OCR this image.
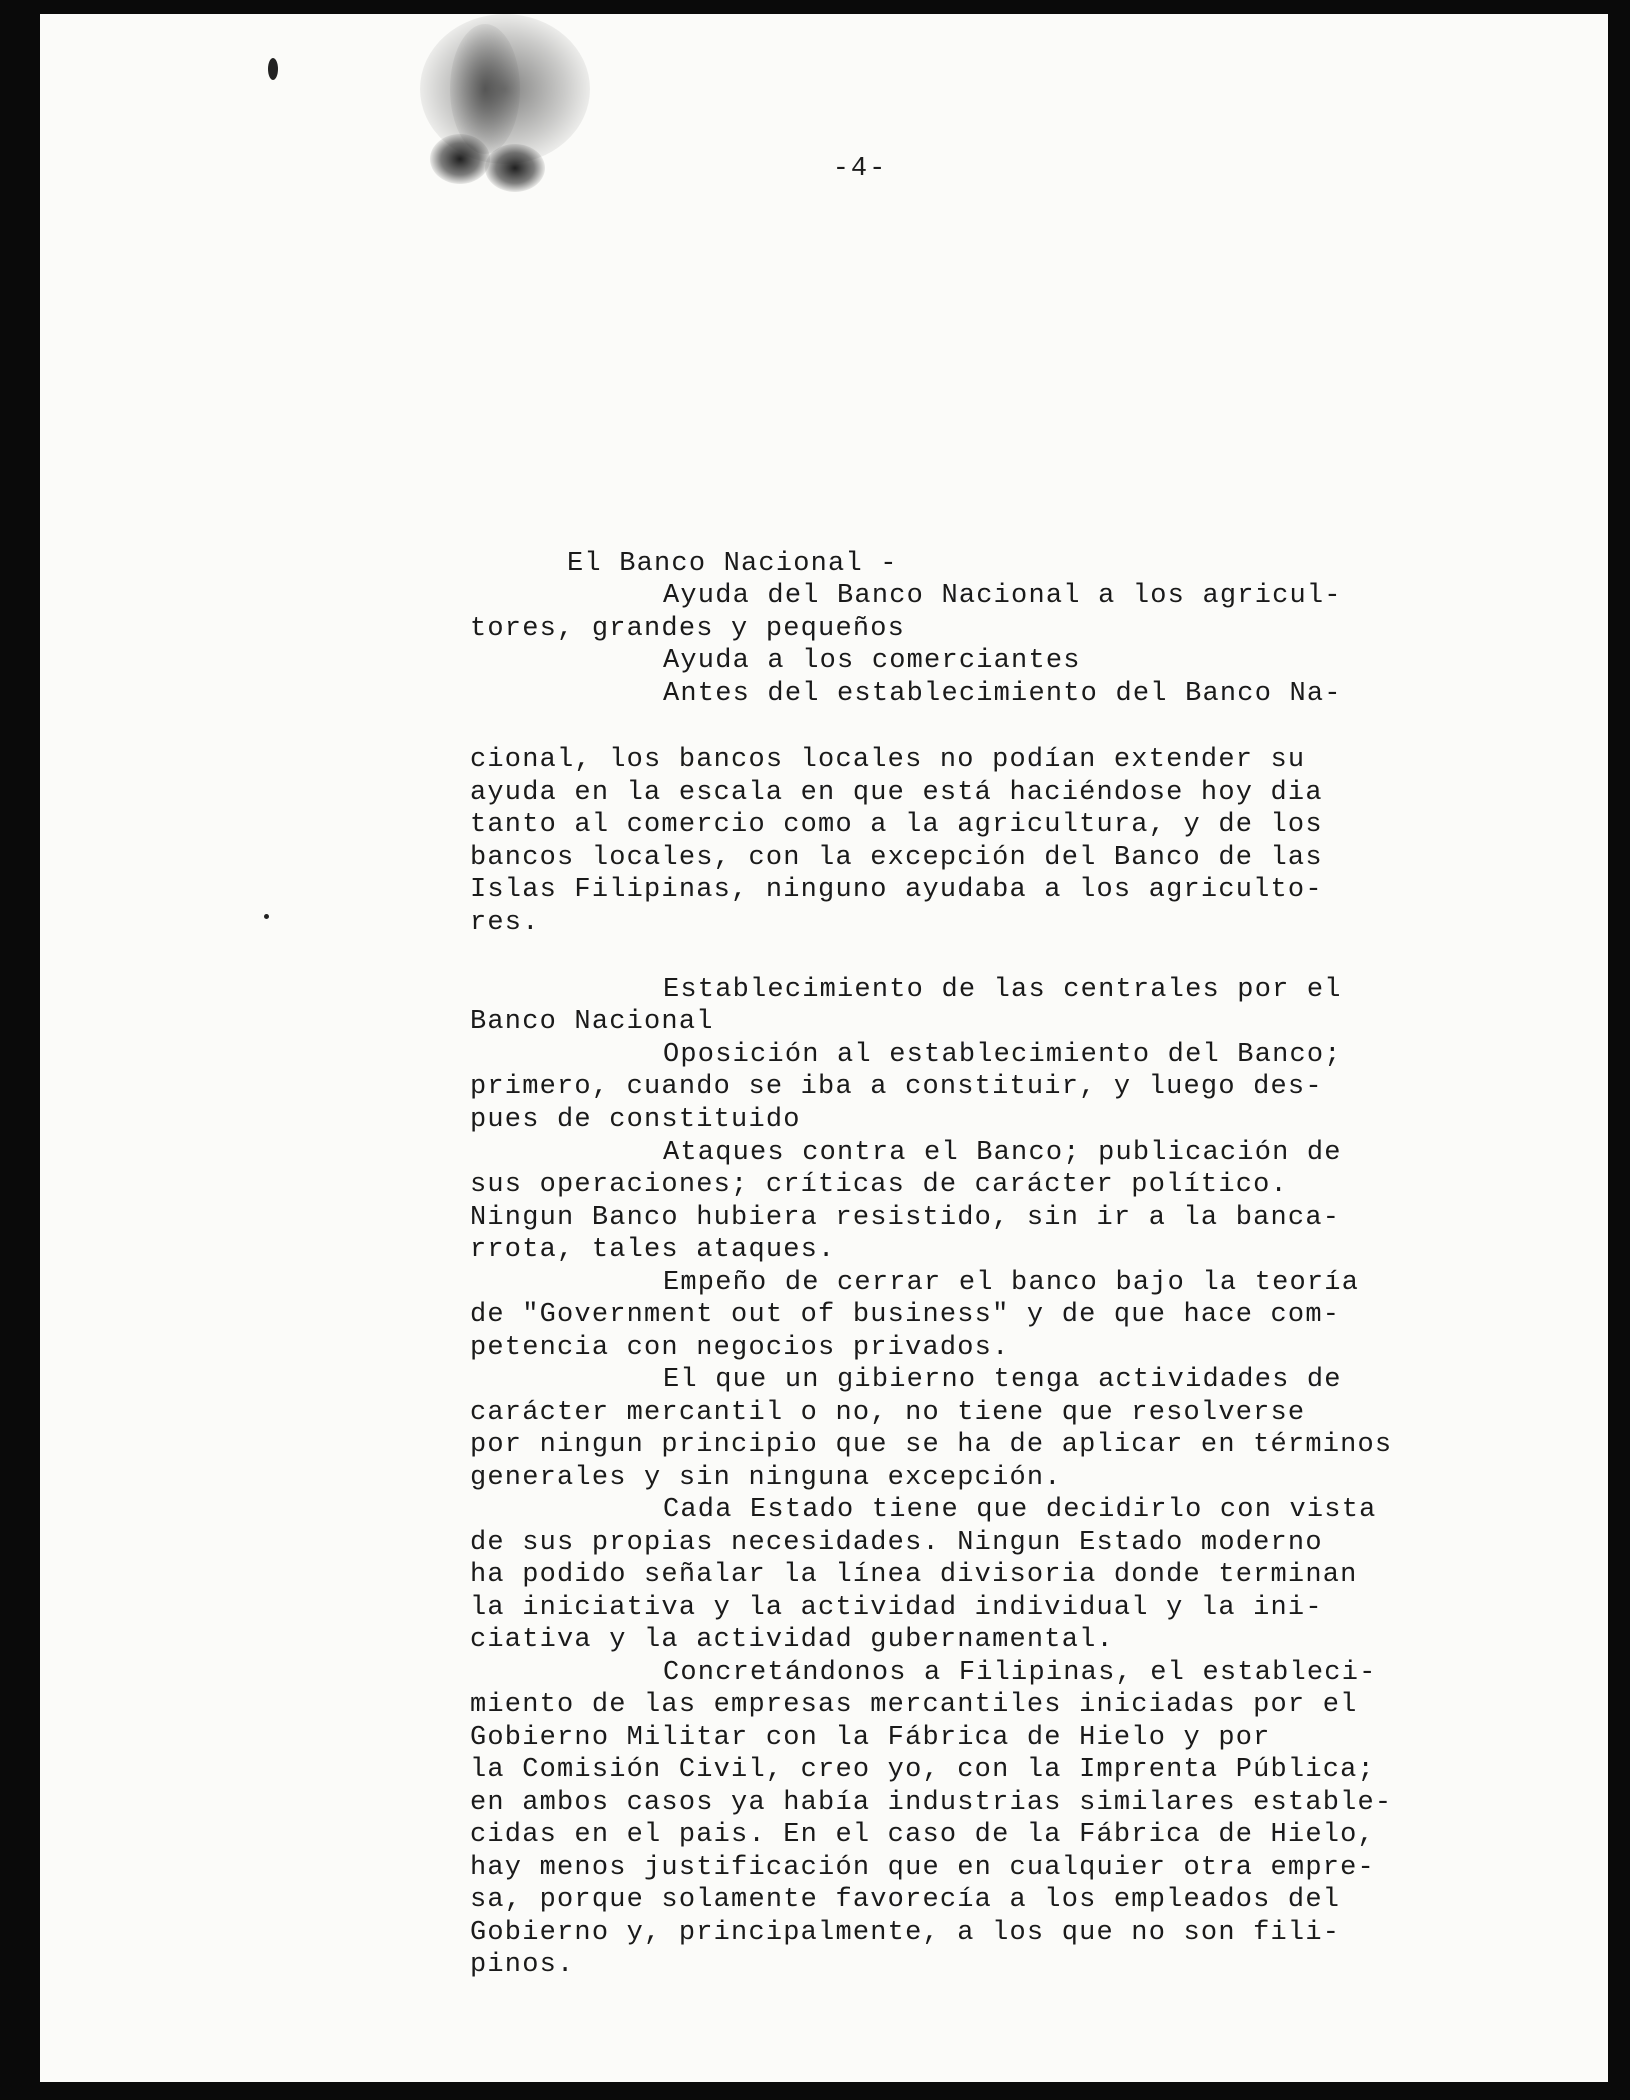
-4-
El Banco Nacional -
Ayuda del Banco Nacional a los agricul-
tores, grandes y pequeños
Ayuda a los comerciantes
Antes del establecimiento del Banco Na-
cional, los bancos locales no podían extender su
ayuda en la escala en que está haciéndose hoy dia
tanto al comercio como a la agricultura, y de los
bancos locales, con la excepción del Banco de las
Islas Filipinas, ninguno ayudaba a los agriculto-
res.
Establecimiento de las centrales por el
Banco Nacional
Oposición al establecimiento del Banco;
primero, cuando se iba a constituir, y luego des-
pues de constituido
Ataques contra el Banco; publicación de
sus operaciones; críticas de carácter político.
Ningun Banco hubiera resistido, sin ir a la banca-
rrota, tales ataques.
Empeño de cerrar el banco bajo la teoría
de "Government out of business" y de que hace com-
petencia con negocios privados.
El que un gibierno tenga actividades de
carácter mercantil o no, no tiene que resolverse
por ningun principio que se ha de aplicar en términos
generales y sin ninguna excepción.
Cada Estado tiene que decidirlo con vista
de sus propias necesidades. Ningun Estado moderno
ha podido señalar la línea divisoria donde terminan
la iniciativa y la actividad individual y la ini-
ciativa y la actividad gubernamental.
Concretándonos a Filipinas, el estableci-
miento de las empresas mercantiles iniciadas por el
Gobierno Militar con la Fábrica de Hielo y por
la Comisión Civil, creo yo, con la Imprenta Pública;
en ambos casos ya había industrias similares estable-
cidas en el pais. En el caso de la Fábrica de Hielo,
hay menos justificación que en cualquier otra empre-
sa, porque solamente favorecía a los empleados del
Gobierno y, principalmente, a los que no son fili-
pinos.
